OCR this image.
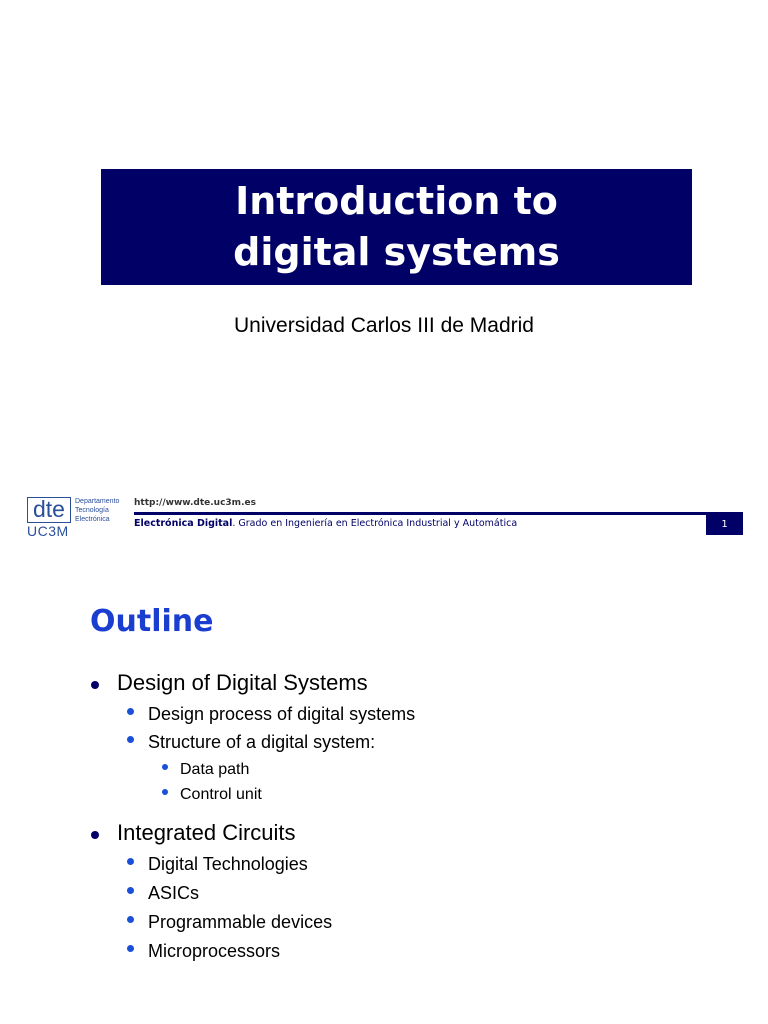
Introduction to
digital systems
Universidad Carlos III de Madrid
dte
UC3M
Departamento
Tecnología
Electrónica
http://www.dte.uc3m.es
Electrónica Digital. Grado en Ingeniería en Electrónica Industrial y Automática	1
Outline
Design of Digital Systems
Design process of digital systems
Structure of a digital system:
Data path
Control unit
Integrated Circuits
Digital Technologies
ASICs
Programmable devices
Microprocessors
